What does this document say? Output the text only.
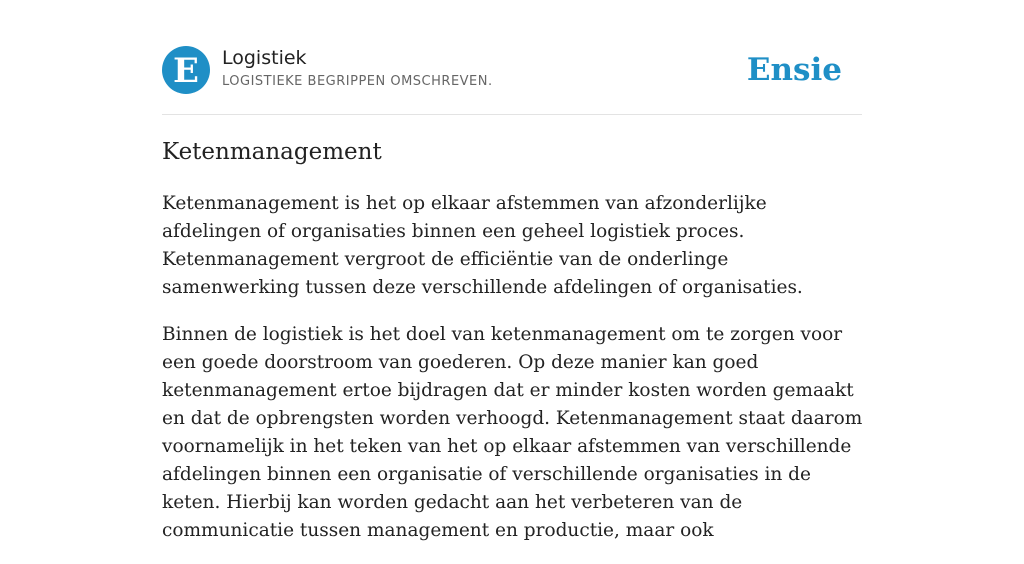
E Logistiek
LOGISTIEKE BEGRIPPEN OMSCHREVEN.	Ensie
Ketenmanagement

Ketenmanagement is het op elkaar afstemmen van afzonderlijke afdelingen of organisaties binnen een geheel logistiek proces. Ketenmanagement vergroot de efficiëntie van de onderlinge samenwerking tussen deze verschillende afdelingen of organisaties.

Binnen de logistiek is het doel van ketenmanagement om te zorgen voor een goede doorstroom van goederen. Op deze manier kan goed ketenmanagement ertoe bijdragen dat er minder kosten worden gemaakt en dat de opbrengsten worden verhoogd. Ketenmanagement staat daarom voornamelijk in het teken van het op elkaar afstemmen van verschillende afdelingen binnen een organisatie of verschillende organisaties in de keten. Hierbij kan worden gedacht aan het verbeteren van de communicatie tussen management en productie, maar ook
